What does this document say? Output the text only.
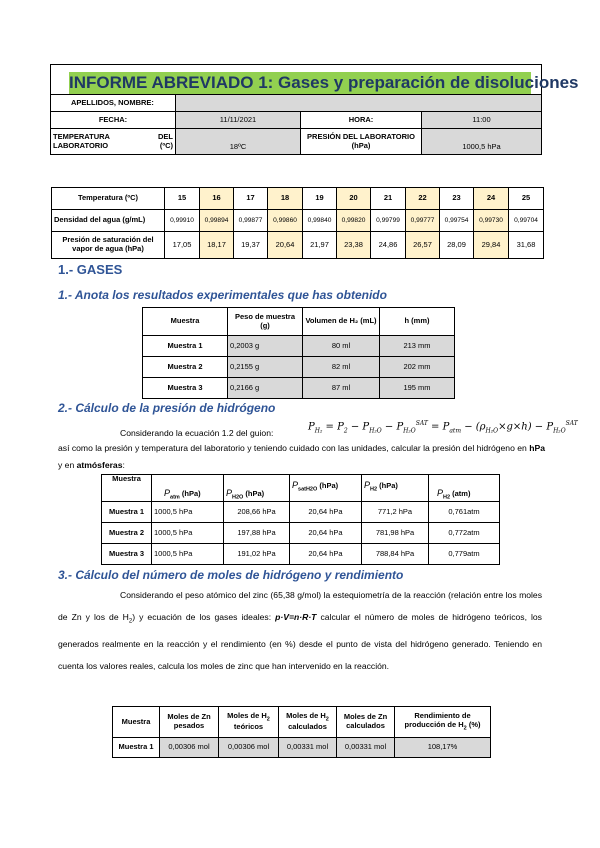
INFORME ABREVIADO 1: Gases y preparación de disoluciones
APELLIDOS, NOMBRE:			
FECHA:	11/11/2021	HORA:	11:00
TEMPERATURA DEL LABORATORIO (ºC)	18ºC	PRESIÓN DEL LABORATORIO (hPa)	1000,5 hPa
Temperatura (ºC)	15	16	17	18	19	20	21	22	23	24	25
Densidad del agua (g/mL)	0,99910	0,99894	0,99877	0,99860	0,99840	0,99820	0,99799	0,99777	0,99754	0,99730	0,99704
Presión de saturación del vapor de agua (hPa)	17,05	18,17	19,37	20,64	21,97	23,38	24,86	26,57	28,09	29,84	31,68
1.- GASES
1.- Anota los resultados experimentales que has obtenido
Muestra	Peso de muestra (g)	Volumen de H₂ (mL)	h (mm)
Muestra 1	0,2003 g	80 ml	213 mm
Muestra 2	0,2155 g	82 ml	202 mm
Muestra 3	0,2166 g	87 ml	195 mm
2.- Cálculo de la presión de hidrógeno
Considerando la ecuación 1.2 del guion:
$P_{H_2} = P_2 - P_{H_2O} - P_{H_2O}^{SAT} = P_{atm} - (\rho_{H_2O}\times g\times h) - P_{H_2O}^{SAT}$
así como la presión y temperatura del laboratorio y teniendo cuidado con las unidades, calcular la presión del hidrógeno en hPa y en atmósferas:
Muestra	$P_{atm}$ (hPa)	$P_{H2O}$ (hPa)	$P_{satH2O}$ (hPa)	$P_{H2}$ (hPa)	$P_{H2}$ (atm)
Muestra 1	1000,5 hPa	208,66 hPa	20,64 hPa	771,2 hPa	0,761atm
Muestra 2	1000,5 hPa	197,88 hPa	20,64 hPa	781,98 hPa	0,772atm
Muestra 3	1000,5 hPa	191,02 hPa	20,64 hPa	788,84 hPa	0,779atm
3.- Cálculo del número de moles de hidrógeno y rendimiento
Considerando el peso atómico del zinc (65,38 g/mol) la estequiometría de la reacción (relación entre los moles de Zn y los de $H_2$) y ecuación de los gases ideales: p·V=n·R·T calcular el número de moles de hidrógeno teóricos, los generados realmente en la reacción y el rendimiento (en %) desde el punto de vista del hidrógeno generado. Teniendo en cuenta los valores reales, calcula los moles de zinc que han intervenido en la reacción.
Muestra	Moles de Zn pesados	Moles de $H_2$ teóricos	Moles de $H_2$ calculados	Moles de Zn calculados	Rendimiento de producción de $H_2$ (%)
Muestra 1	0,00306 mol	0,00306 mol	0,00331 mol	0,00331 mol	108,17%
